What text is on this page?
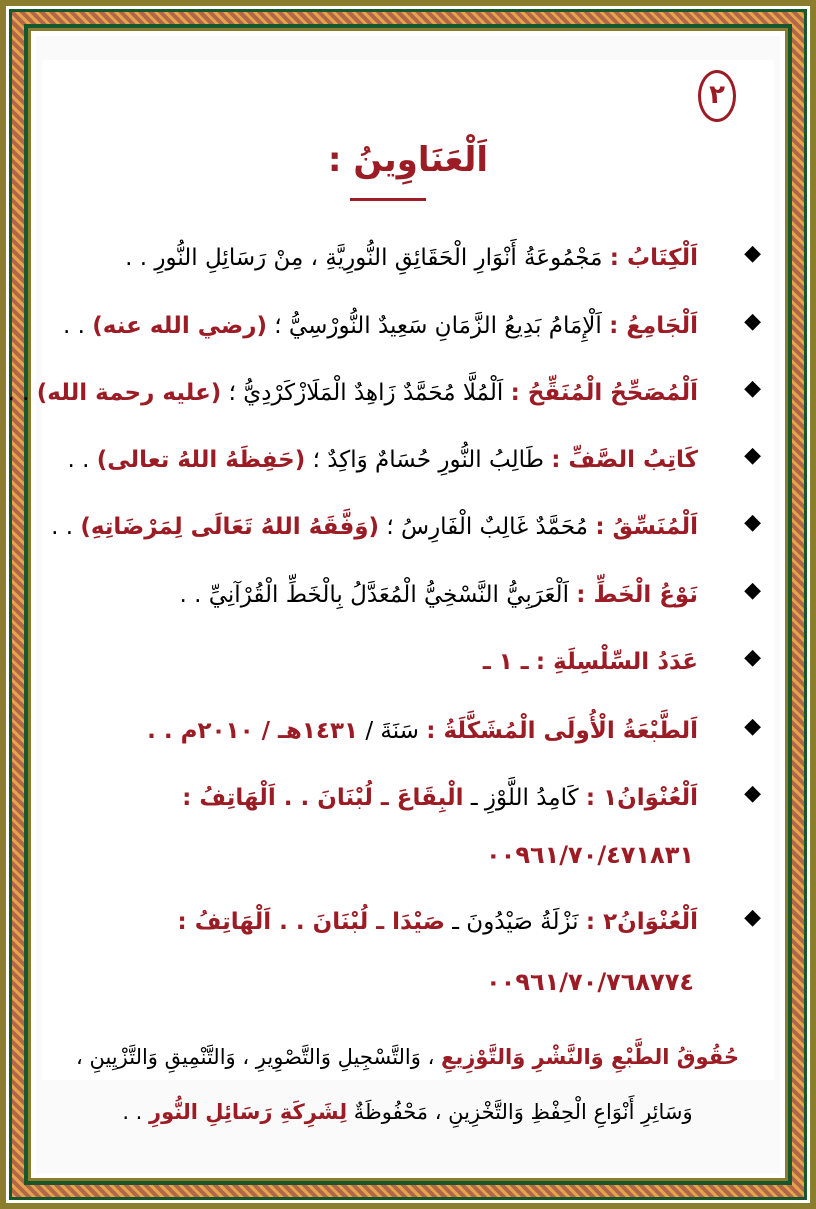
٢
اَلْعَنَاوِينُ :
◆
اَلْكِتَابُ : مَجْمُوعَةُ أَنْوَارِ الْحَقَائِقِ النُّورِيَّةِ ، مِنْ رَسَائِلِ النُّورِ . .
◆
اَلْجَامِعُ : اَلْإِمَامُ بَدِيعُ الزَّمَانِ سَعِيدٌ النُّورْسِيُّ ؛ (رضي الله عنه) . .
◆
اَلْمُصَحِّحُ الْمُنَقِّحُ : اَلْمُلَّا مُحَمَّدٌ زَاهِدٌ الْمَلَازْكَرْدِيُّ ؛ (عليه رحمة الله) . .
◆
كَاتِبُ الصَّفِّ : طَالِبُ النُّورِ حُسَامٌ وَاكِدٌ ؛ (حَفِظَهُ اللهُ تعالى) . .
◆
اَلْمُنَسِّقُ : مُحَمَّدٌ غَالِبٌ الْفَارِسُ ؛ (وَفَّقَهُ اللهُ تَعَالَى لِمَرْضَاتِهِ) . .
◆
نَوْعُ الْخَطِّ : اَلْعَرَبِيُّ النَّسْخِيُّ الْمُعَدَّلُ بِالْخَطِّ الْقُرْآنِيِّ . .
◆
عَدَدُ السِّلْسِلَةِ : ـ ١ ـ
◆
اَلطَّبْعَةُ الْأُولَى الْمُشَكَّلَةُ : سَنَةَ / ١٤٣١هـ / ٢٠١٠م . .
◆
اَلْعُنْوَانُ١ : كَامِدُ اللَّوْزِ ـ الْبِقَاعَ ـ لُبْنَانَ . . اَلْهَاتِفُ :
٠٠٩٦١/٧٠/٤٧١٨٣١
◆
اَلْعُنْوَانُ٢ : نَزْلَةُ صَيْدُونَ ـ صَيْدَا ـ لُبْنَانَ . . اَلْهَاتِفُ :
٠٠٩٦١/٧٠/٧٦٨٧٧٤
حُقُوقُ الطَّبْعِ وَالنَّشْرِ وَالتَّوْزِيعِ ، وَالتَّسْجِيلِ وَالتَّصْوِيرِ ، وَالتَّنْمِيقِ وَالتَّزْيِينِ ،
وَسَائِرِ أَنْوَاعِ الْحِفْظِ وَالتَّخْزِينِ ، مَحْفُوظَةٌ لِشَرِكَةِ رَسَائِلِ النُّورِ . .
